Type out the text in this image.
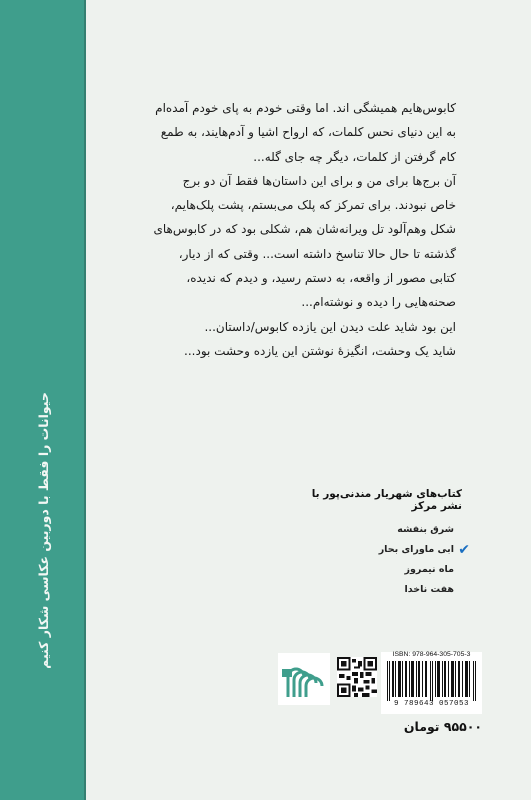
حیوانات را فقط با دوربین عکاسی شکار کنیم

کابوس‌هایم همیشگی اند. اما وقتی خودم به پای خودم آمده‌ام

به این دنیای نحس کلمات، که ارواح اشیا و آدم‌هایند، به طمع

کام گرفتن از کلمات، دیگر چه جای گله...

آن برج‌ها برای من و برای این داستان‌ها فقط آن دو برج

خاص نبودند. برای تمرکز که پلک می‌بستم، پشت پلک‌هایم،

شکل وهم‌آلود تل ویرانه‌شان هم، شکلی بود که در کابوس‌های

گذشته تا حال حالا تناسخ داشته است... وقتی که از دیار،

کتابی مصور از واقعه، به دستم رسید، و دیدم که ندیده،

صحنه‌هایی را دیده و نوشته‌ام...

این بود شاید علت دیدن این یازده کابوس/داستان...

شاید یک وحشت، انگیزهٔ نوشتن این یازده وحشت بود...

کتاب‌های شهریار مندنی‌پور با نشر مرکز
شرق بنفشه
✔
ابی ماورای بحار
ماه نیمروز
هفت ناخدا
ISBN: 978-964-305-705-3
9 789643 057053
۹۵۵۰۰ تومان
